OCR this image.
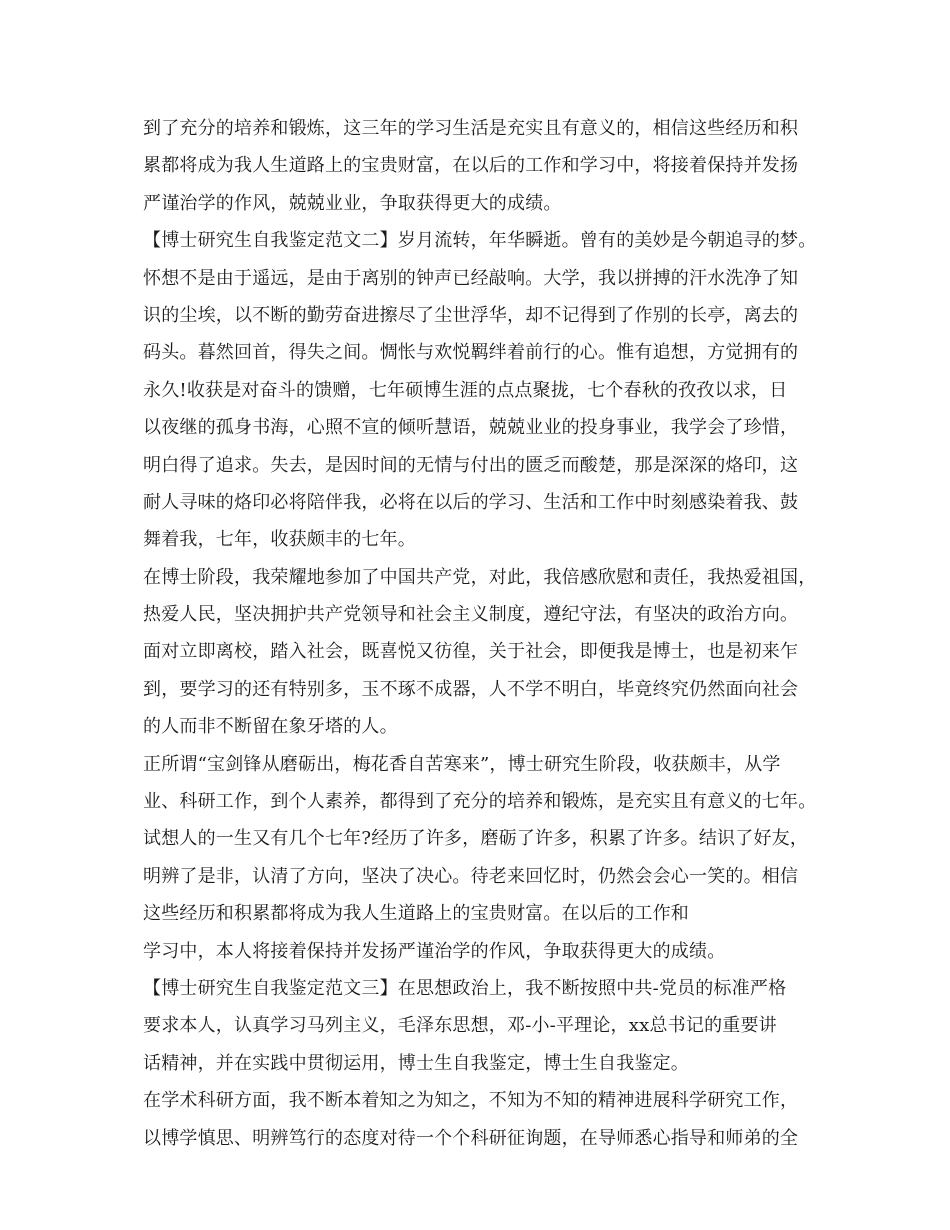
到了充分的培养和锻炼，这三年的学习生活是充实且有意义的，相信这些经历和积
累都将成为我人生道路上的宝贵财富，在以后的工作和学习中，将接着保持并发扬
严谨治学的作风，兢兢业业，争取获得更大的成绩。
【博士研究生自我鉴定范文二】岁月流转，年华瞬逝。曾有的美妙是今朝追寻的梦。
怀想不是由于遥远，是由于离别的钟声已经敲响。大学，我以拼搏的汗水洗净了知
识的尘埃，以不断的勤劳奋进擦尽了尘世浮华，却不记得到了作别的长亭，离去的
码头。暮然回首，得失之间。惆怅与欢悦羁绊着前行的心。惟有追想，方觉拥有的
永久!收获是对奋斗的馈赠，七年硕博生涯的点点聚拢，七个春秋的孜孜以求，日
以夜继的孤身书海，心照不宣的倾听慧语，兢兢业业的投身事业，我学会了珍惜，
明白得了追求。失去，是因时间的无情与付出的匮乏而酸楚，那是深深的烙印，这
耐人寻味的烙印必将陪伴我，必将在以后的学习、生活和工作中时刻感染着我、鼓
舞着我，七年，收获颇丰的七年。
在博士阶段，我荣耀地参加了中国共产党，对此，我倍感欣慰和责任，我热爱祖国，
热爱人民，坚决拥护共产党领导和社会主义制度，遵纪守法，有坚决的政治方向。
面对立即离校，踏入社会，既喜悦又彷徨，关于社会，即便我是博士，也是初来乍
到，要学习的还有特别多，玉不琢不成器，人不学不明白，毕竟终究仍然面向社会
的人而非不断留在象牙塔的人。
正所谓“宝剑锋从磨砺出，梅花香自苦寒来”，博士研究生阶段，收获颇丰，从学
业、科研工作，到个人素养，都得到了充分的培养和锻炼，是充实且有意义的七年。
试想人的一生又有几个七年?经历了许多，磨砺了许多，积累了许多。结识了好友，
明辨了是非，认清了方向，坚决了决心。待老来回忆时，仍然会会心一笑的。相信
这些经历和积累都将成为我人生道路上的宝贵财富。在以后的工作和
学习中，本人将接着保持并发扬严谨治学的作风，争取获得更大的成绩。
【博士研究生自我鉴定范文三】在思想政治上，我不断按照中共-党员的标准严格
要求本人，认真学习马列主义，毛泽东思想，邓-小-平理论，xx总书记的重要讲
话精神，并在实践中贯彻运用，博士生自我鉴定，博士生自我鉴定。
在学术科研方面，我不断本着知之为知之，不知为不知的精神进展科学研究工作，
以博学慎思、明辨笃行的态度对待一个个科研征询题，在导师悉心指导和师弟的全
